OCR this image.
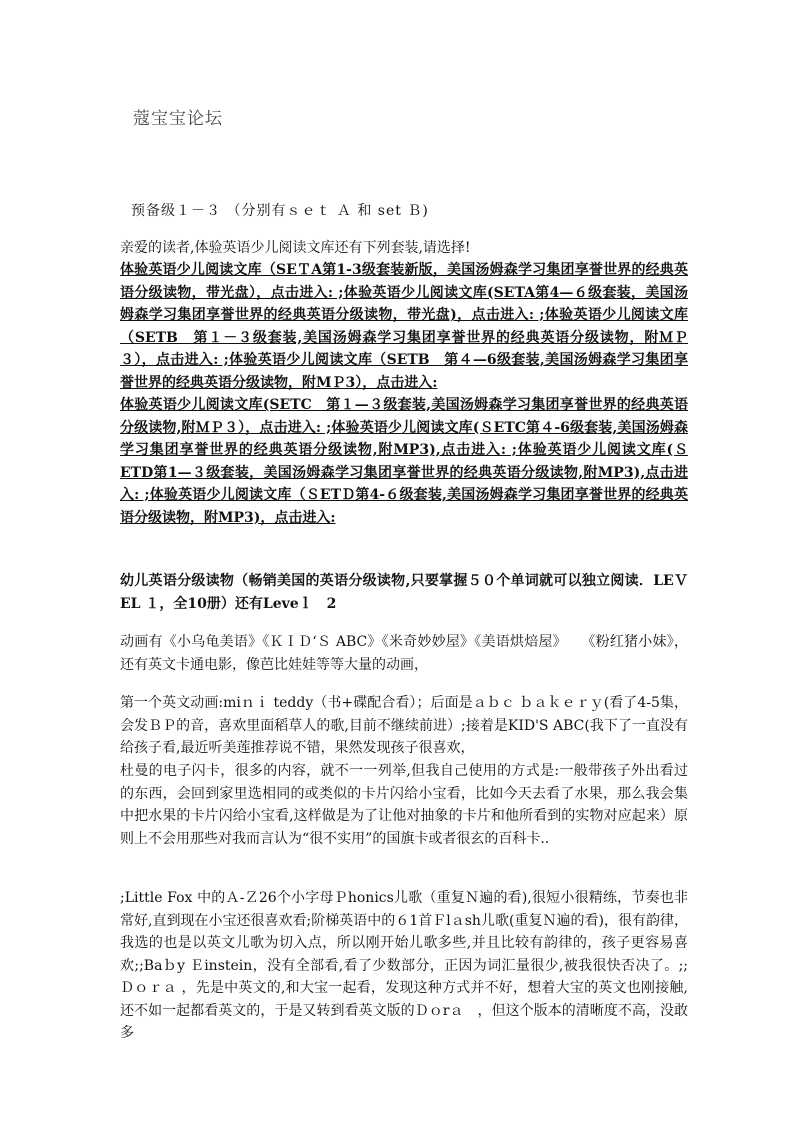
蔻宝宝论坛
预备级１－３ （分别有ｓｅｔ Ａ 和 set Ｂ)
亲爱的读者,体验英语少儿阅读文库还有下列套装,请选择!

体验英语少儿阅读文库（SEＴA第1-3级套装新版，美国汤姆森学习集团享誉世界的经典英语分级读物，带光盘），点击进入: ;体验英语少儿阅读文库(SETA第4—６级套装，美国汤姆森学习集团享誉世界的经典英语分级读物，带光盘)，点击进入: ;体验英语少儿阅读文库（SETB　第１－３级套装,美国汤姆森学习集团享誉世界的经典英语分级读物，附ＭＰ３），点击进入: ;体验英语少儿阅读文库（SETB　第４—6级套装,美国汤姆森学习集团享誉世界的经典英语分级读物，附MＰ3），点击进入:

体验英语少儿阅读文库(SETC　第１—３级套装,美国汤姆森学习集团享誉世界的经典英语分级读物,附ＭＰ３），点击进入: ;体验英语少儿阅读文库(ＳETC第４-6级套装,美国汤姆森学习集团享誉世界的经典英语分级读物,附MP3),点击进入: ;体验英语少儿阅读文库(ＳETD第1—３级套装，美国汤姆森学习集团享誉世界的经典英语分级读物,附MP3),点击进入: ;体验英语少儿阅读文库（ＳETＤ第4-６级套装,美国汤姆森学习集团享誉世界的经典英语分级读物，附MP3)，点击进入:

幼儿英语分级读物（畅销美国的英语分级读物,只要掌握５０个单词就可以独立阅读．LEＶEL １，全10册）还有Leveｌ　2
动画有《小乌龟美语》《ＫＩＤ‘Ｓ ABC》《米奇妙妙屋》《美语烘焙屋》　　《粉红猪小妹》，还有英文卡通电影，像芭比娃娃等等大量的动画，
第一个英文动画:miｎｉ teddy（书+碟配合看）；后面是ａｂｃ ｂａｋｅｒｙ(看了4-5集，会发ＢＰ的音，喜欢里面稻草人的歌,目前不继续前进）;接着是KID'S ABC(我下了一直没有给孩子看,最近听美莲推荐说不错，果然发现孩子很喜欢，
杜曼的电子闪卡，很多的内容，就不一一列举,但我自己使用的方式是:一般带孩子外出看过的东西，会回到家里选相同的或类似的卡片闪给小宝看，比如今天去看了水果，那么我会集中把水果的卡片闪给小宝看,这样做是为了让他对抽象的卡片和他所看到的实物对应起来）原则上不会用那些对我而言认为“很不实用”的国旗卡或者很玄的百科卡..
;Little Fox 中的Ａ-Ｚ26个小字母Ｐhonics儿歌（重复Ｎ遍的看),很短小很精练，节奏也非常好,直到现在小宝还很喜欢看;阶梯英语中的６1首Ｆlａsh儿歌(重复Ｎ遍的看)，很有韵律，我选的也是以英文儿歌为切入点，所以刚开始儿歌多些,并且比较有韵律的，孩子更容易喜欢;;Baｂy Ｅinstein，没有全部看,看了少数部分，正因为词汇量很少,被我很快否决了。;;Ｄｏｒａ ，先是中英文的,和大宝一起看，发现这种方式并不好，想着大宝的英文也刚接触,还不如一起都看英文的，于是又转到看英文版的Ｄｏrａ　，但这个版本的清晰度不高，没敢多
